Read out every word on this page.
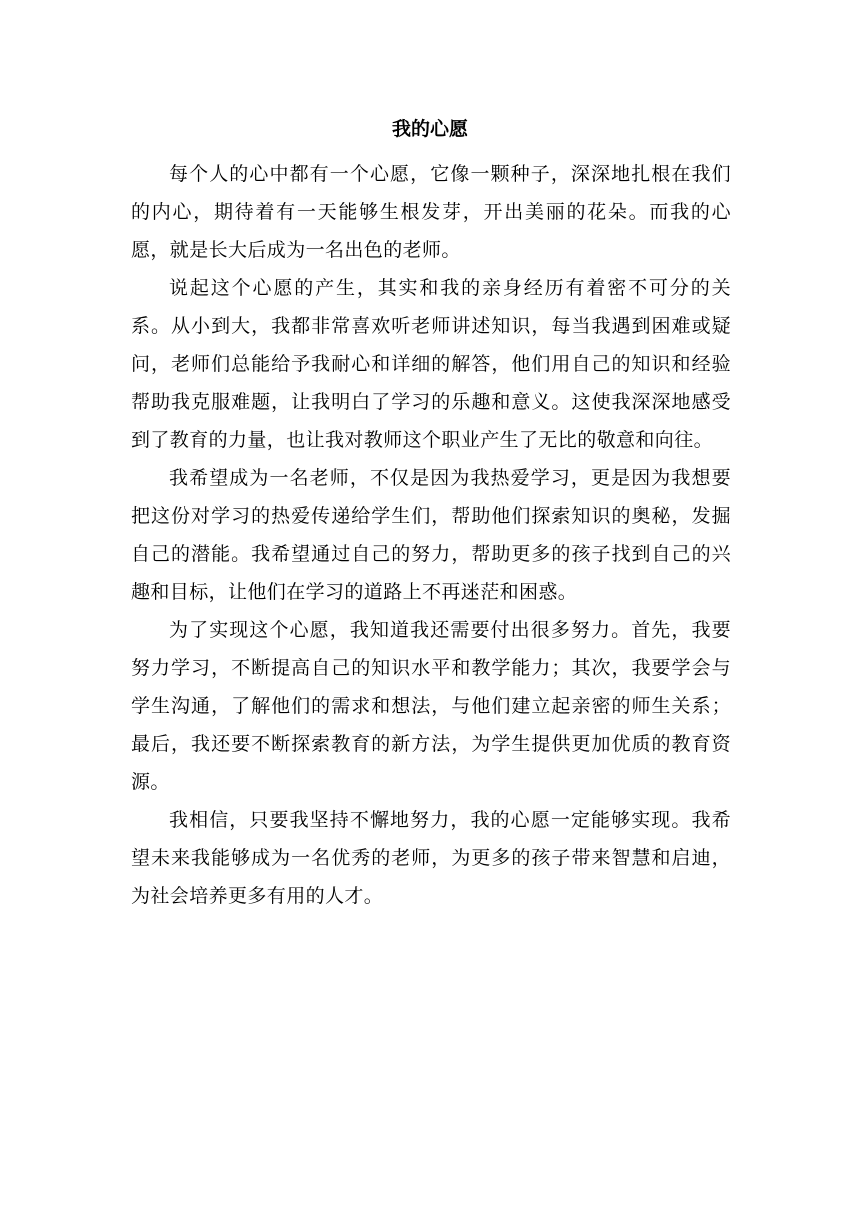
我的心愿

每个人的心中都有一个心愿，它像一颗种子，深深地扎根在我们的内心，期待着有一天能够生根发芽，开出美丽的花朵。而我的心愿，就是长大后成为一名出色的老师。

说起这个心愿的产生，其实和我的亲身经历有着密不可分的关系。从小到大，我都非常喜欢听老师讲述知识，每当我遇到困难或疑问，老师们总能给予我耐心和详细的解答，他们用自己的知识和经验帮助我克服难题，让我明白了学习的乐趣和意义。这使我深深地感受到了教育的力量，也让我对教师这个职业产生了无比的敬意和向往。

我希望成为一名老师，不仅是因为我热爱学习，更是因为我想要把这份对学习的热爱传递给学生们，帮助他们探索知识的奥秘，发掘自己的潜能。我希望通过自己的努力，帮助更多的孩子找到自己的兴趣和目标，让他们在学习的道路上不再迷茫和困惑。

为了实现这个心愿，我知道我还需要付出很多努力。首先，我要努力学习，不断提高自己的知识水平和教学能力；其次，我要学会与学生沟通，了解他们的需求和想法，与他们建立起亲密的师生关系；最后，我还要不断探索教育的新方法，为学生提供更加优质的教育资源。

我相信，只要我坚持不懈地努力，我的心愿一定能够实现。我希望未来我能够成为一名优秀的老师，为更多的孩子带来智慧和启迪，为社会培养更多有用的人才。
